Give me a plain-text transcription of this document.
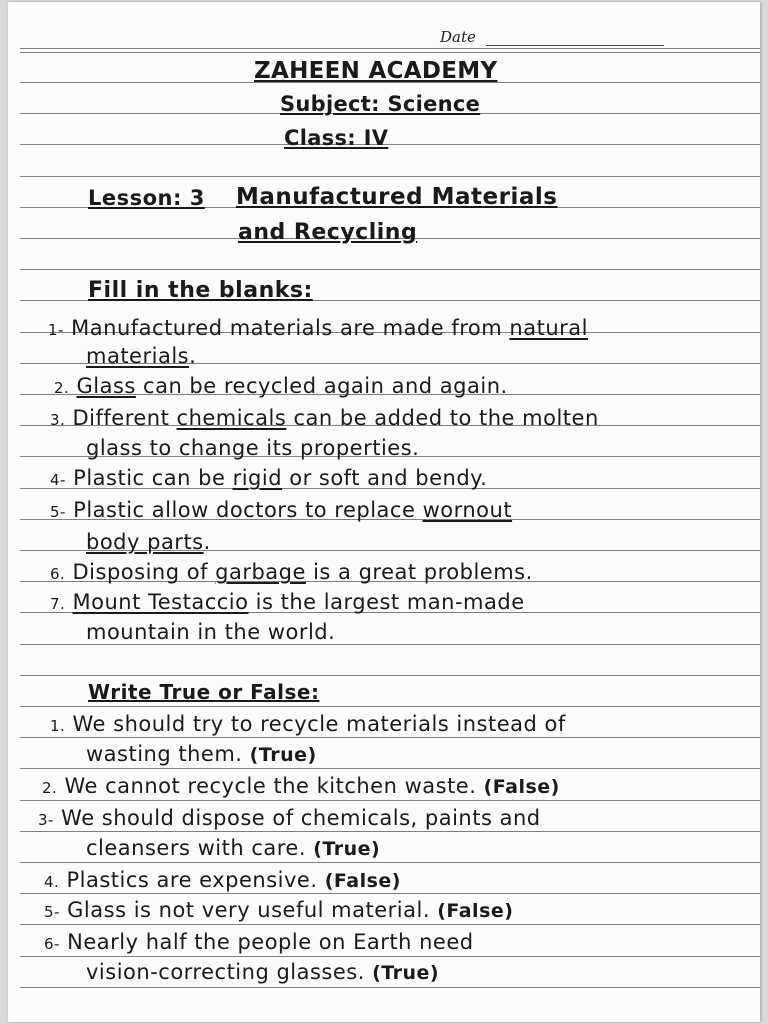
Date
ZAHEEN ACADEMY
Subject: Science
Class: IV
Lesson: 3 Manufactured Materials
and Recycling
Fill in the blanks:
1- Manufactured materials are made from natural
materials.
2. Glass can be recycled again and again.
3. Different chemicals can be added to the molten
glass to change its properties.
4- Plastic can be rigid or soft and bendy.
5- Plastic allow doctors to replace wornout
body parts.
6. Disposing of garbage is a great problems.
7. Mount Testaccio is the largest man-made
mountain in the world.
Write True or False:
1. We should try to recycle materials instead of
wasting them. (True)
2. We cannot recycle the kitchen waste. (False)
3- We should dispose of chemicals, paints and
cleansers with care. (True)
4. Plastics are expensive. (False)
5- Glass is not very useful material. (False)
6- Nearly half the people on Earth need
vision-correcting glasses. (True)
